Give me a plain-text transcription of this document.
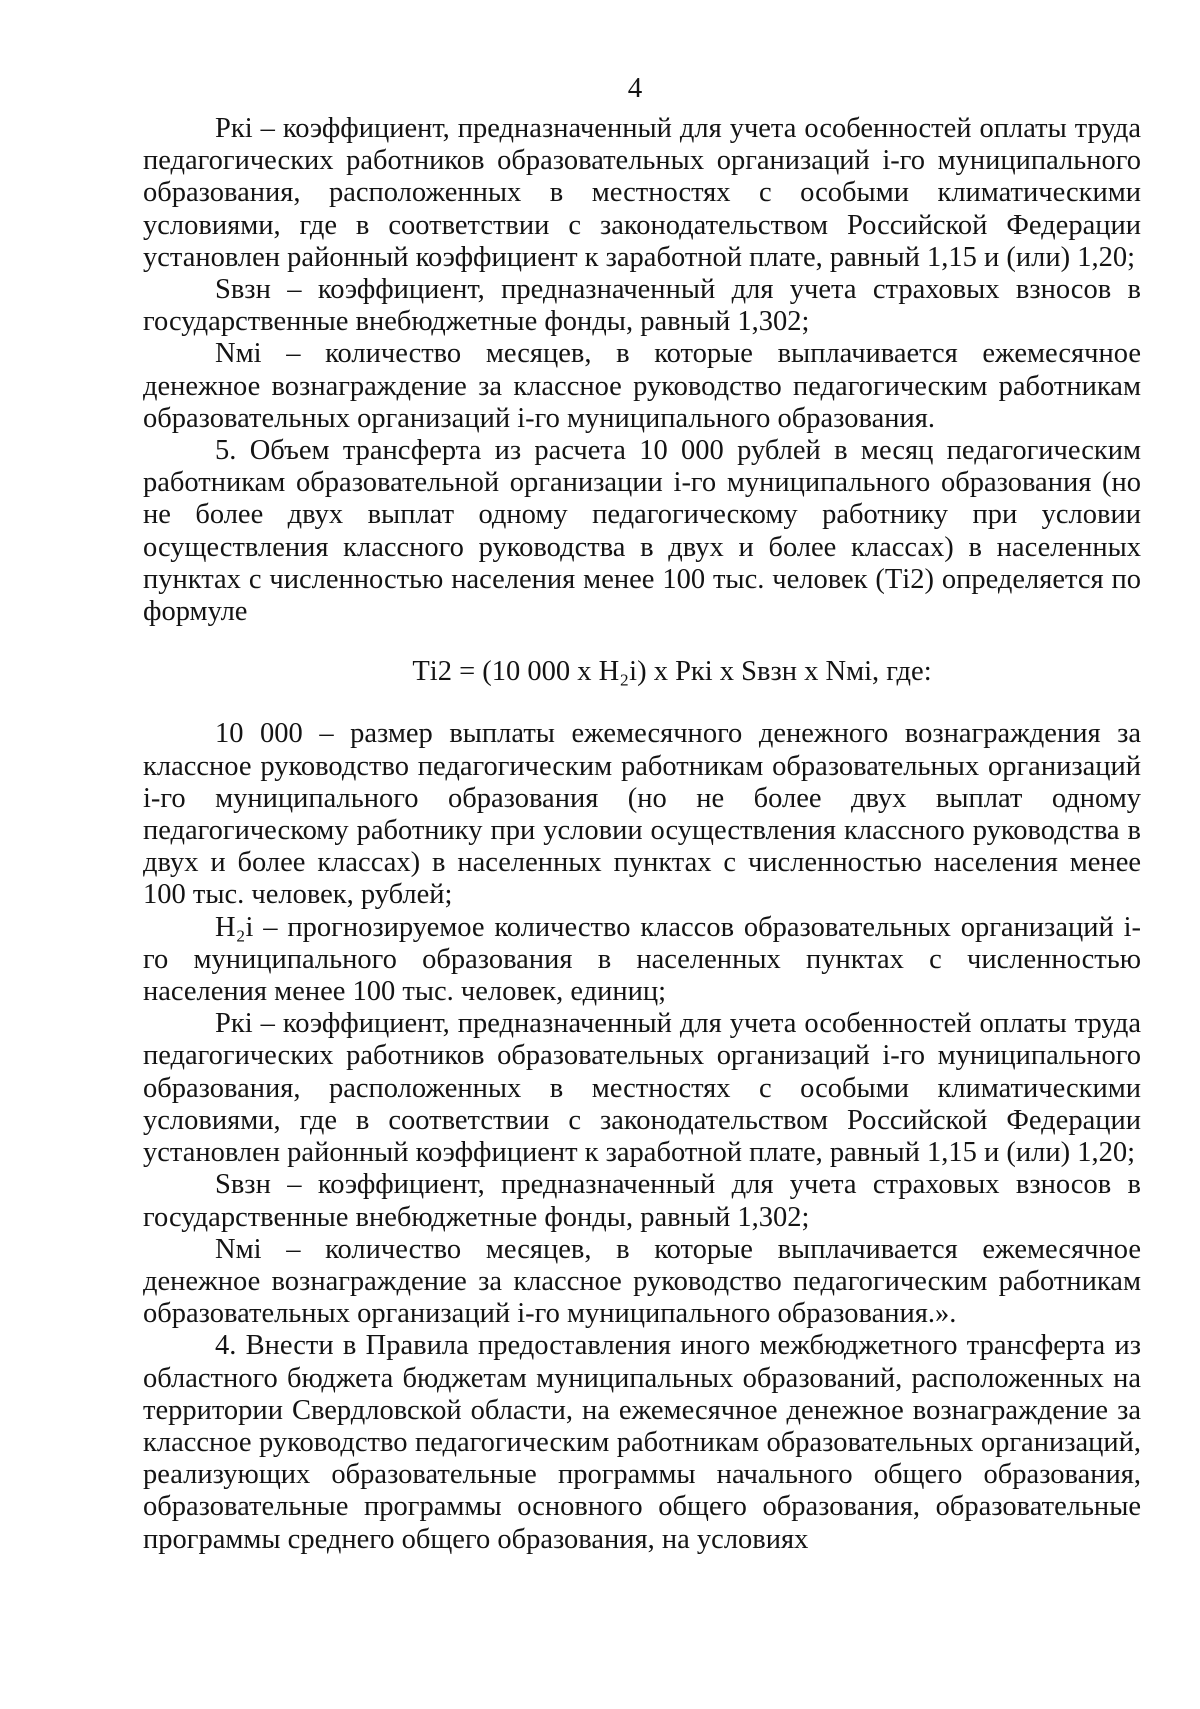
4

Ркі – коэффициент, предназначенный для учета особенностей оплаты труда педагогических работников образовательных организаций і-го муниципального образования, расположенных в местностях с особыми климатическими условиями, где в соответствии с законодательством Российской Федерации установлен районный коэффициент к заработной плате, равный 1,15 и (или) 1,20;

Sвзн – коэффициент, предназначенный для учета страховых взносов в государственные внебюджетные фонды, равный 1,302;

Nмі – количество месяцев, в которые выплачивается ежемесячное денежное вознаграждение за классное руководство педагогическим работникам образовательных организаций і-го муниципального образования.

5. Объем трансферта из расчета 10 000 рублей в месяц педагогическим работникам образовательной организации і-го муниципального образования (но не более двух выплат одному педагогическому работнику при условии осуществления классного руководства в двух и более классах) в населенных пунктах с численностью населения менее 100 тыс. человек (Ті2) определяется по формуле

Ті2 = (10 000 x Н₂і) x Ркі x Sвзн x Nмі, где:

10 000 – размер выплаты ежемесячного денежного вознаграждения за классное руководство педагогическим работникам образовательных организаций і-го муниципального образования (но не более двух выплат одному педагогическому работнику при условии осуществления классного руководства в двух и более классах) в населенных пунктах с численностью населения менее 100 тыс. человек, рублей;

Н₂і – прогнозируемое количество классов образовательных организаций і-го муниципального образования в населенных пунктах с численностью населения менее 100 тыс. человек, единиц;

Ркі – коэффициент, предназначенный для учета особенностей оплаты труда педагогических работников образовательных организаций і-го муниципального образования, расположенных в местностях с особыми климатическими условиями, где в соответствии с законодательством Российской Федерации установлен районный коэффициент к заработной плате, равный 1,15 и (или) 1,20;

Sвзн – коэффициент, предназначенный для учета страховых взносов в государственные внебюджетные фонды, равный 1,302;

Nмі – количество месяцев, в которые выплачивается ежемесячное денежное вознаграждение за классное руководство педагогическим работникам образовательных организаций і-го муниципального образования.».

4. Внести в Правила предоставления иного межбюджетного трансферта из областного бюджета бюджетам муниципальных образований, расположенных на территории Свердловской области, на ежемесячное денежное вознаграждение за классное руководство педагогическим работникам образовательных организаций, реализующих образовательные программы начального общего образования, образовательные программы основного общего образования, образовательные программы среднего общего образования, на условиях
